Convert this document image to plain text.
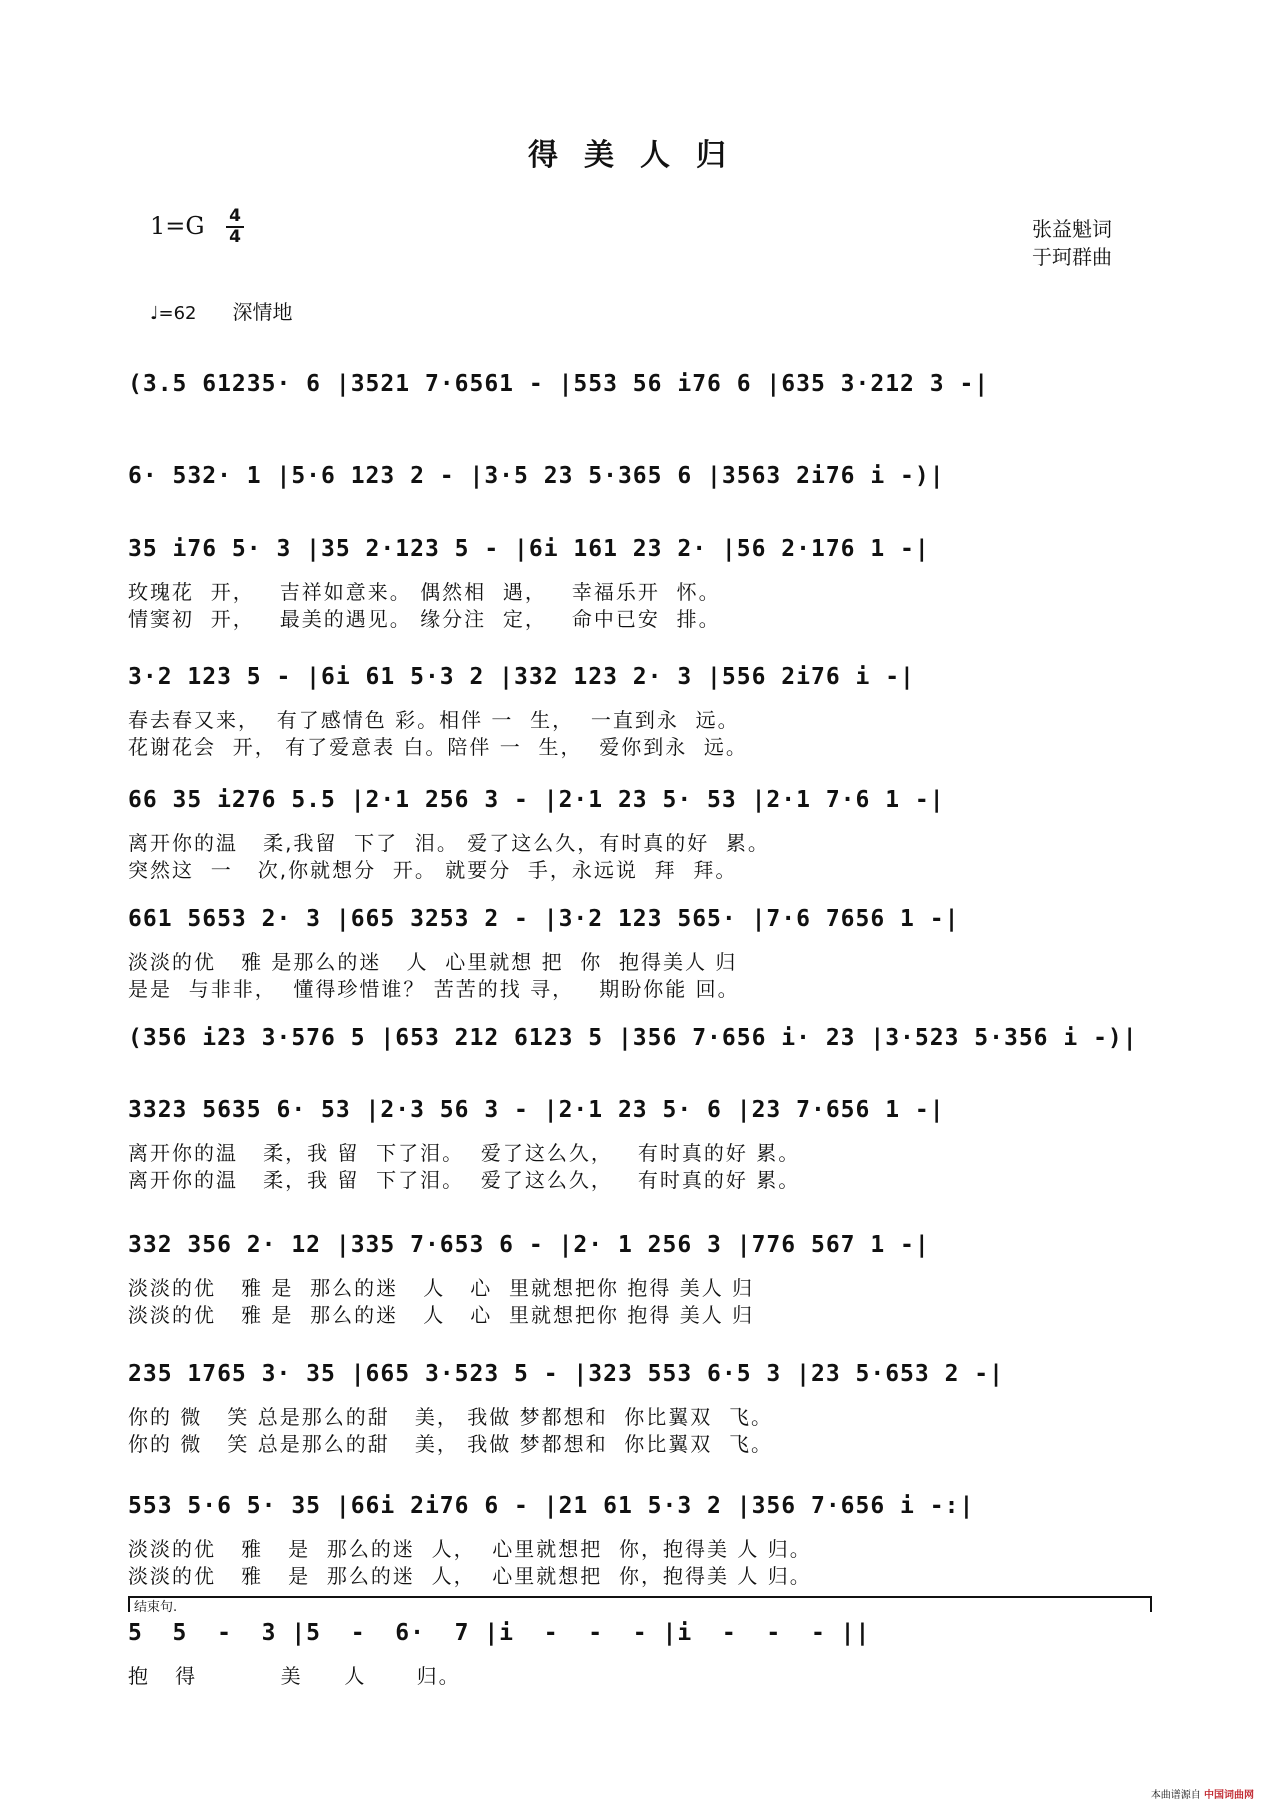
得美人归
1=G 4
4	张益魁词
于珂群曲
♩=62 深情地
(3.5 61235· 6 |3521 7·6561 - |553 56 i76 6 |635 3·212 3 -|
6· 532· 1 |5·6 123 2 - |3·5 23 5·365 6 |3563 2i76 i -)|
35 i76 5· 3 |35 2·123 5 - |6i 161 23 2· |56 2·176 1 -|
玫瑰花  开，   吉祥如意来。 偶然相  遇，   幸福乐开  怀。
情窦初  开，   最美的遇见。 缘分注  定，   命中已安  排。
3·2 123 5 - |6i 61 5·3 2 |332 123 2· 3 |556 2i76 i -|
春去春又来，  有了感情色 彩。相伴 一  生，  一直到永  远。
花谢花会  开， 有了爱意表 白。陪伴 一  生，  爱你到永  远。
66 35 i276 5.5 |2·1 256 3 - |2·1 23 5· 53 |2·1 7·6 1 -|
离开你的温   柔,我留  下了  泪。 爱了这么久，有时真的好  累。
突然这  一   次,你就想分  开。 就要分  手，永远说  拜  拜。
661 5653 2· 3 |665 3253 2 - |3·2 123 565· |7·6 7656 1 -|
淡淡的优   雅 是那么的迷   人  心里就想 把  你  抱得美人 归
是是  与非非，  懂得珍惜谁？ 苦苦的找 寻，   期盼你能 回。
(356 i23 3·576 5 |653 212 6123 5 |356 7·656 i· 23 |3·523 5·356 i -)|
3323 5635 6· 53 |2·3 56 3 - |2·1 23 5· 6 |23 7·656 1 -|
离开你的温   柔，我 留  下了泪。  爱了这么久，   有时真的好 累。
离开你的温   柔，我 留  下了泪。  爱了这么久，   有时真的好 累。
332 356 2· 12 |335 7·653 6 - |2· 1 256 3 |776 567 1 -|
淡淡的优   雅 是  那么的迷   人   心  里就想把你 抱得 美人 归
淡淡的优   雅 是  那么的迷   人   心  里就想把你 抱得 美人 归
235 1765 3· 35 |665 3·523 5 - |323 553 6·5 3 |23 5·653 2 -|
你的 微   笑 总是那么的甜   美， 我做 梦都想和  你比翼双  飞。
你的 微   笑 总是那么的甜   美， 我做 梦都想和  你比翼双  飞。
553 5·6 5· 35 |66i 2i76 6 - |21 61 5·3 2 |356 7·656 i -:|
淡淡的优   雅   是  那么的迷  人，  心里就想把  你，抱得美 人 归。
淡淡的优   雅   是  那么的迷  人，  心里就想把  你，抱得美 人 归。
5  5  -  3 |5  -  6·  7 |i  -  -  - |i  -  -  - ||
抱   得          美     人      归。
结束句.
本曲谱源自 中国词曲网
